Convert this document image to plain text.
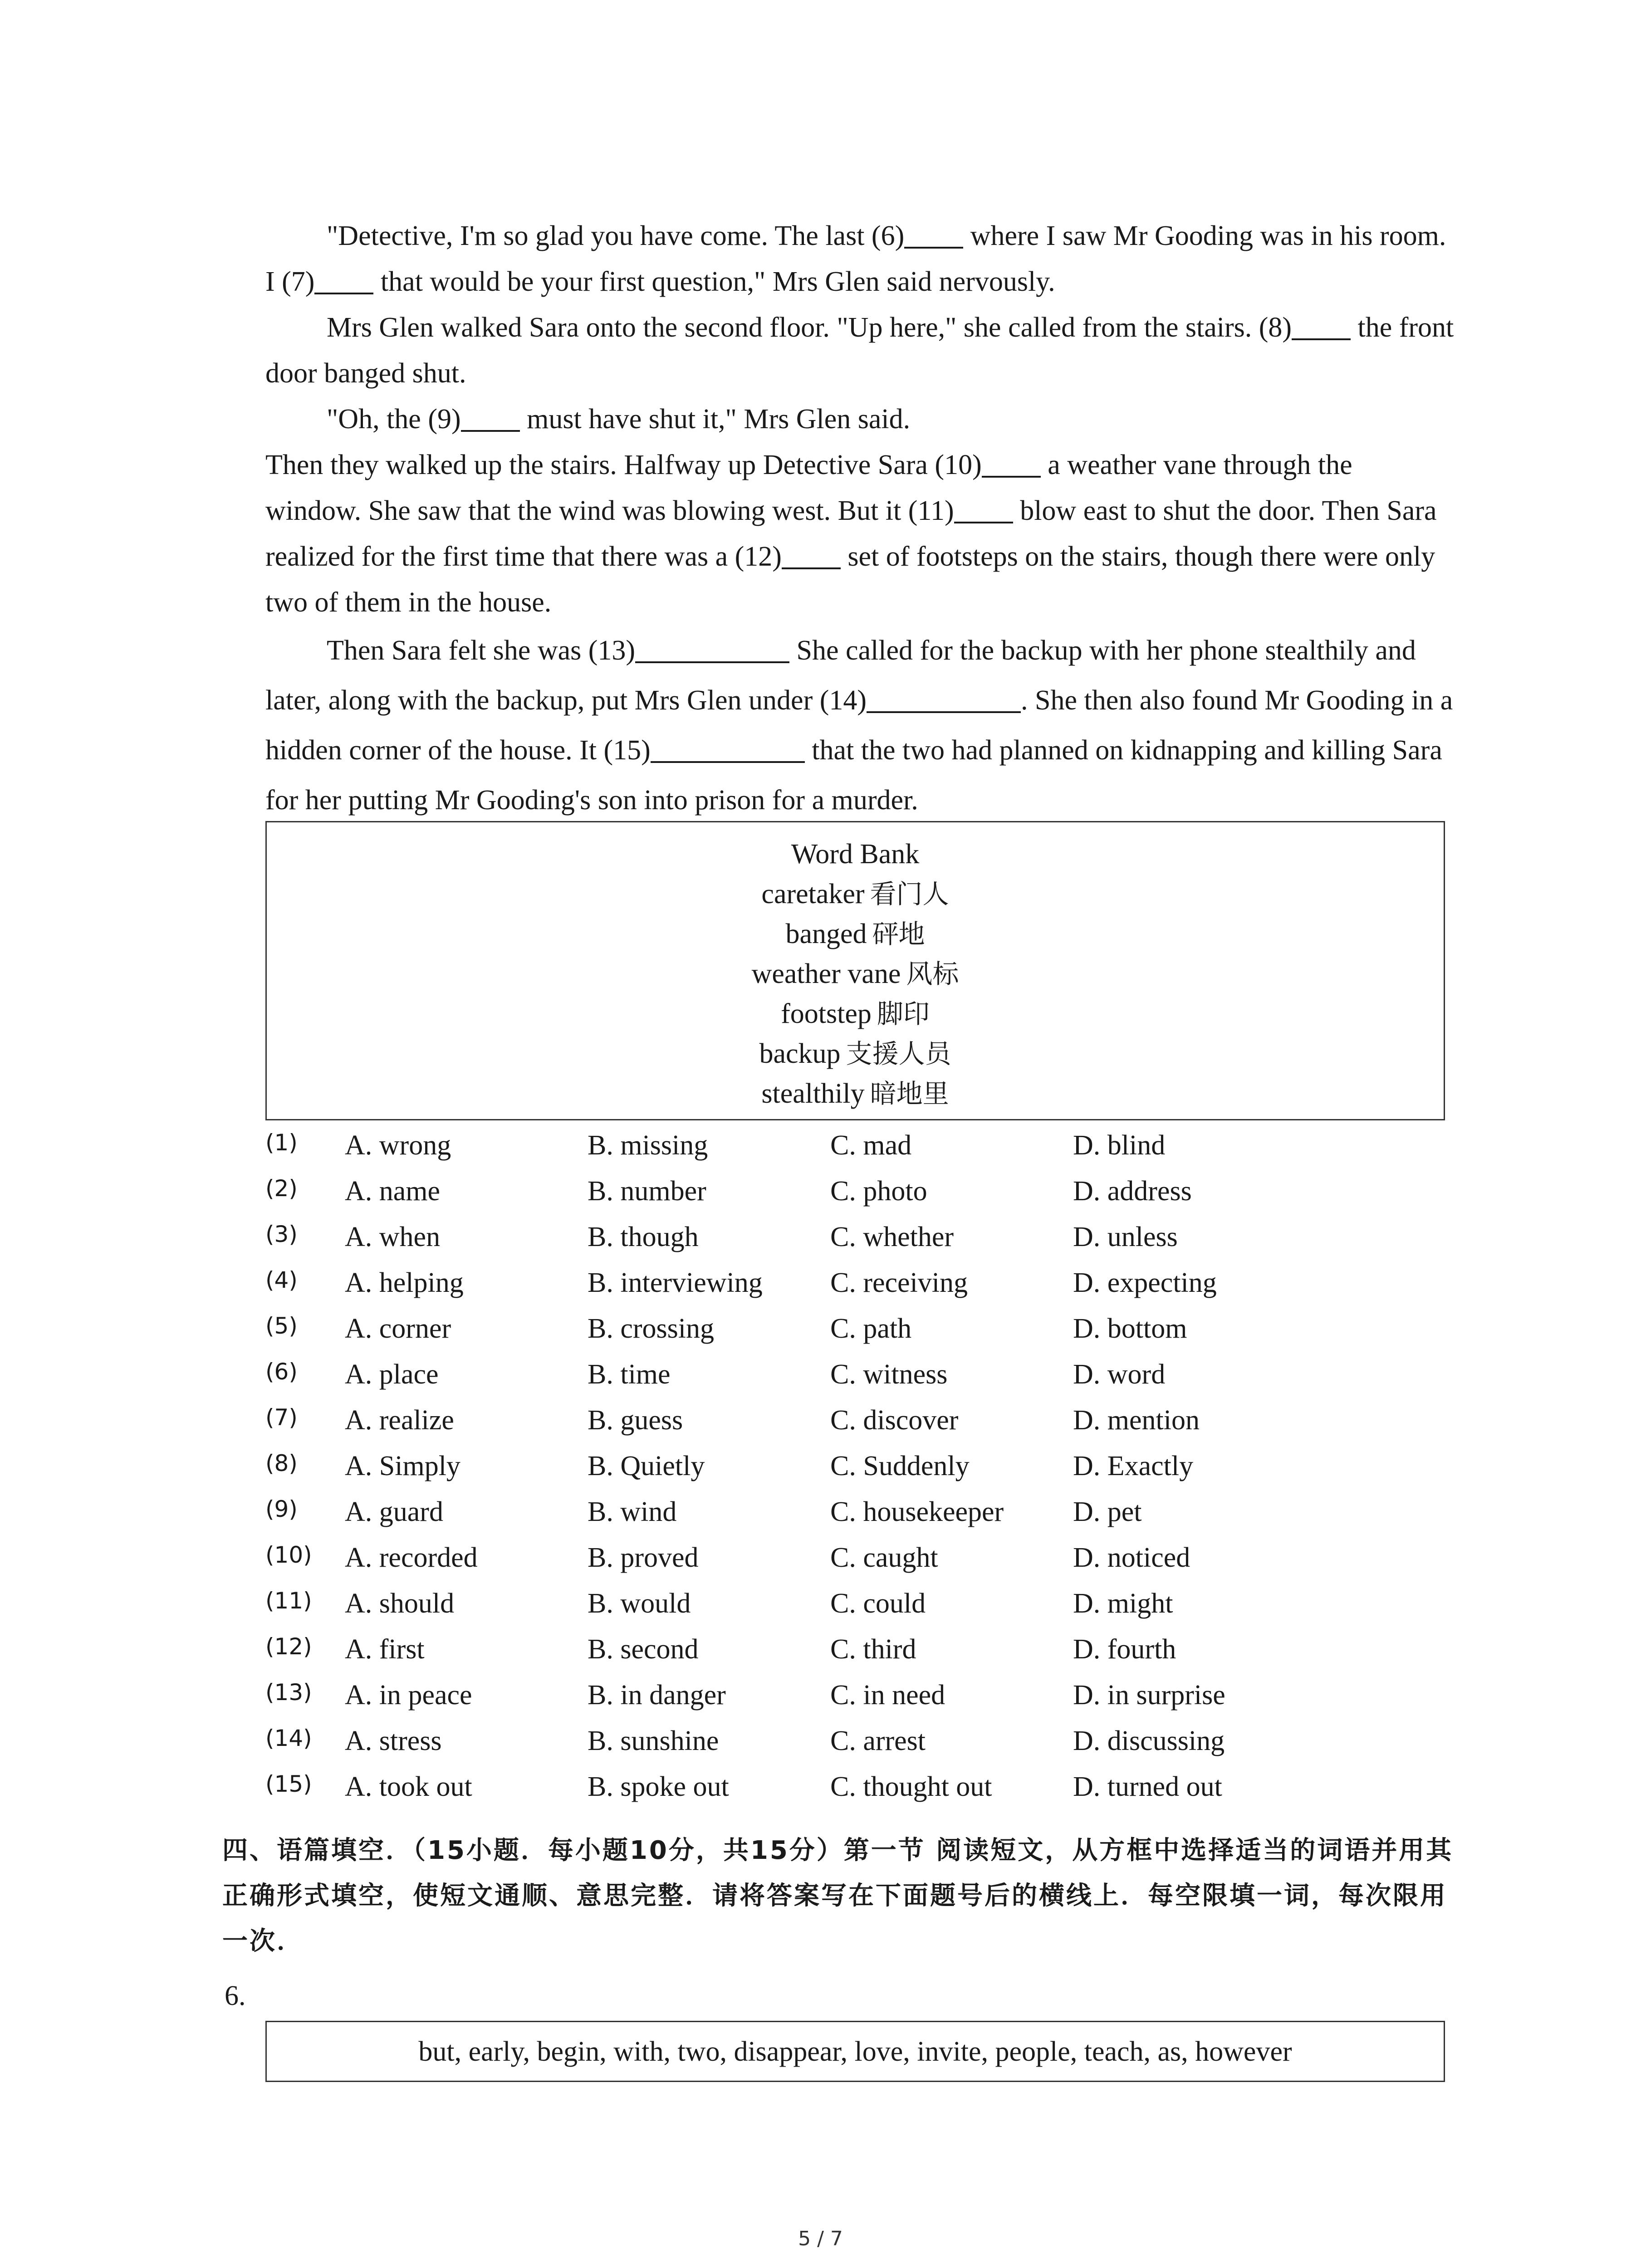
"Detective, I'm so glad you have come. The last (6) where I saw Mr Gooding was in his room. I (7) that would be your first question," Mrs Glen said nervously.

Mrs Glen walked Sara onto the second floor. "Up here," she called from the stairs. (8) the front door banged shut.

"Oh, the (9) must have shut it," Mrs Glen said.

Then they walked up the stairs. Halfway up Detective Sara (10) a weather vane through the window. She saw that the wind was blowing west. But it (11) blow east to shut the door. Then Sara realized for the first time that there was a (12) set of footsteps on the stairs, though there were only two of them in the house.

Then Sara felt she was (13)	She called for the backup with her phone stealthily and later, along with the backup, put Mrs Glen under (14)	. She then also found Mr Gooding in a hidden corner of the house. It (15)	that the two had planned on kidnapping and killing Sara for her putting Mr Gooding's son into prison for a murder.

Word Bank
caretaker 看门人
banged 砰地
weather vane 风标
footstep 脚印
backup 支援人员
stealthily 暗地里
(1) A. wrong	B. missing	C. mad	D. blind
(2) A. name	B. number	C. photo	D. address
(3) A. when	B. though	C. whether	D. unless
(4) A. helping	B. interviewing C. receiving	D. expecting
(5) A. corner	B. crossing	C. path	D. bottom
(6) A. place	B. time	C. witness	D. word
(7) A. realize	B. guess	C. discover	D. mention
(8) A. Simply	B. Quietly	C. Suddenly	D. Exactly
(9) A. guard	B. wind	C. housekeeper D. pet
(10) A. recorded	B. proved	C. caught	D. noticed
(11) A. should	B. would	C. could	D. might
(12) A. first	B. second	C. third	D. fourth
(13) A. in peace	B. in danger	C. in need	D. in surprise
(14) A. stress	B. sunshine	C. arrest	D. discussing
(15) A. took out	B. spoke out	C. thought out	D. turned out
四、语篇填空．（15小题．每小题10分，共15分）第一节 阅读短文，从方框中选择适当的词语并用其正确形式填空，使短文通顺、意思完整．请将答案写在下面题号后的横线上．每空限填一词，每次限用一次．
6.
but, early, begin, with, two, disappear, love, invite, people, teach, as, however
5 / 7
